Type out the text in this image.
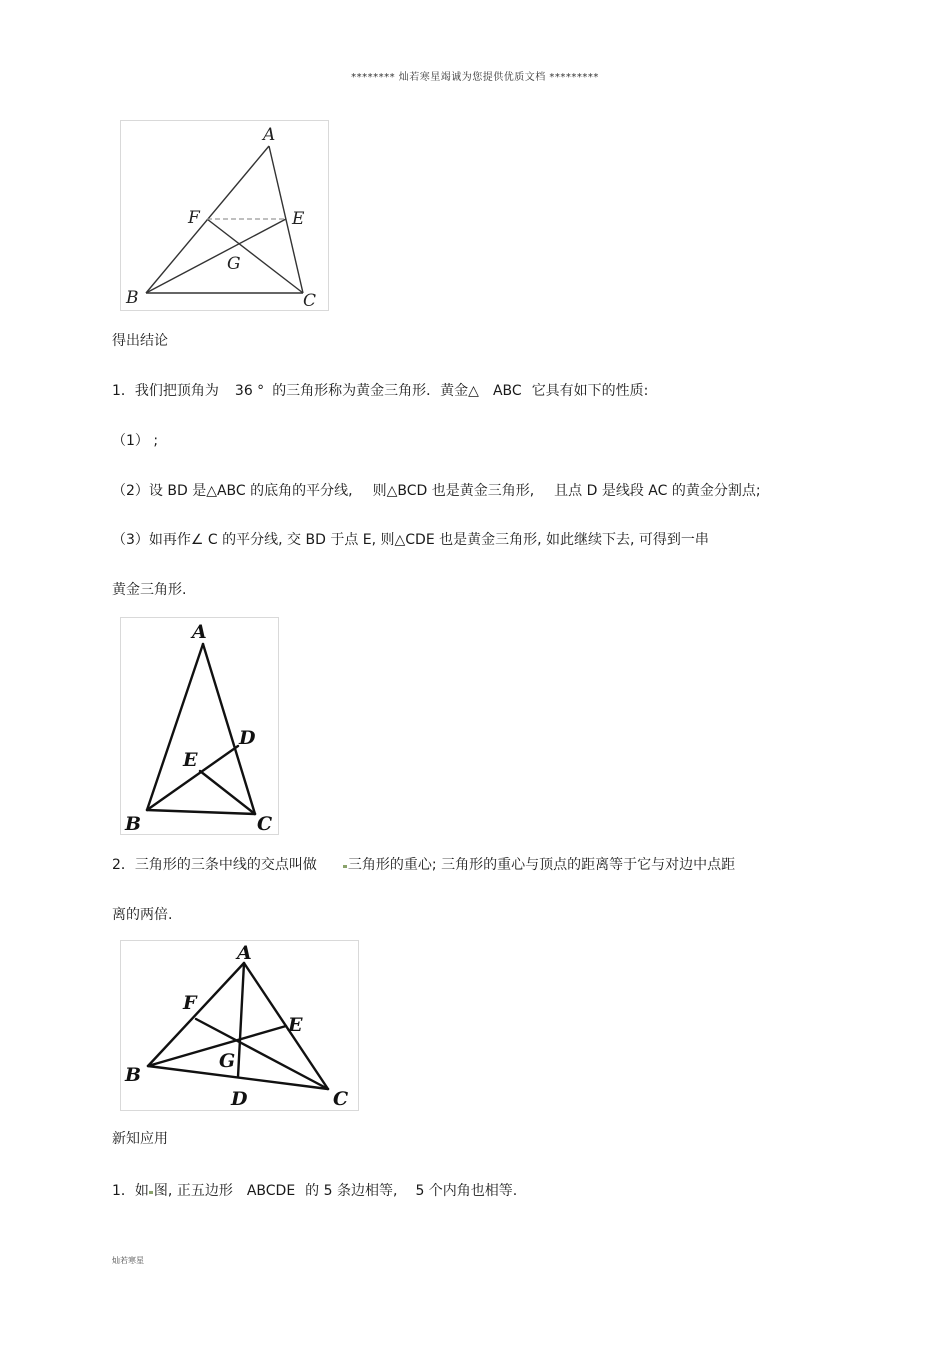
******** 灿若寒星竭诚为您提供优质文档 *********
A
F	E
G
B	C
得出结论
1．我们把顶角为 36 ° 的三角形称为黄金三角形．黄金△ ABC 它具有如下的性质:
（1） ;
（2）设 BD 是△ABC 的底角的平分线, 则△BCD 也是黄金三角形, 且点 D 是线段 AC 的黄金分割点;
（3）如再作∠ C 的平分线, 交 BD 于点 E, 则△CDE 也是黄金三角形, 如此继续下去, 可得到一串
黄金三角形.
A
D
E
B	C
2．三角形的三条中线的交点叫做 三角形的重心; 三角形的重心与顶点的距离等于它与对边中点距
离的两倍.
A
F
E
G
B
D	C
新知应用
1．如 图, 正五边形 ABCDE 的 5 条边相等, 5 个内角也相等.
灿若寒星
